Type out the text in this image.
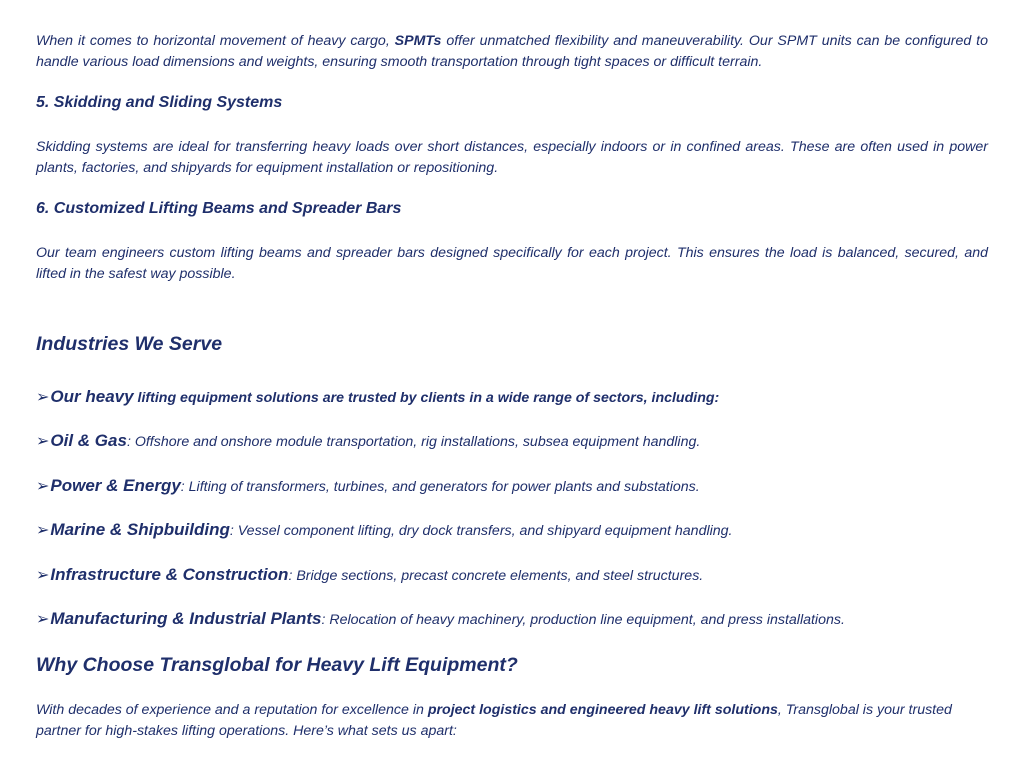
When it comes to horizontal movement of heavy cargo, SPMTs offer unmatched flexibility and maneuverability. Our SPMT units can be configured to handle various load dimensions and weights, ensuring smooth transportation through tight spaces or difficult terrain.

5. Skidding and Sliding Systems

Skidding systems are ideal for transferring heavy loads over short distances, especially indoors or in confined areas. These are often used in power plants, factories, and shipyards for equipment installation or repositioning.

6. Customized Lifting Beams and Spreader Bars

Our team engineers custom lifting beams and spreader bars designed specifically for each project. This ensures the load is balanced, secured, and lifted in the safest way possible.

Industries We Serve

➢Our heavy lifting equipment solutions are trusted by clients in a wide range of sectors, including:
➢Oil & Gas: Offshore and onshore module transportation, rig installations, subsea equipment handling.
➢Power & Energy: Lifting of transformers, turbines, and generators for power plants and substations.
➢Marine & Shipbuilding: Vessel component lifting, dry dock transfers, and shipyard equipment handling.
➢Infrastructure & Construction: Bridge sections, precast concrete elements, and steel structures.
➢Manufacturing & Industrial Plants: Relocation of heavy machinery, production line equipment, and press installations.

Why Choose Transglobal for Heavy Lift Equipment?

With decades of experience and a reputation for excellence in project logistics and engineered heavy lift solutions, Transglobal is your trusted partner for high-stakes lifting operations. Here’s what sets us apart:
